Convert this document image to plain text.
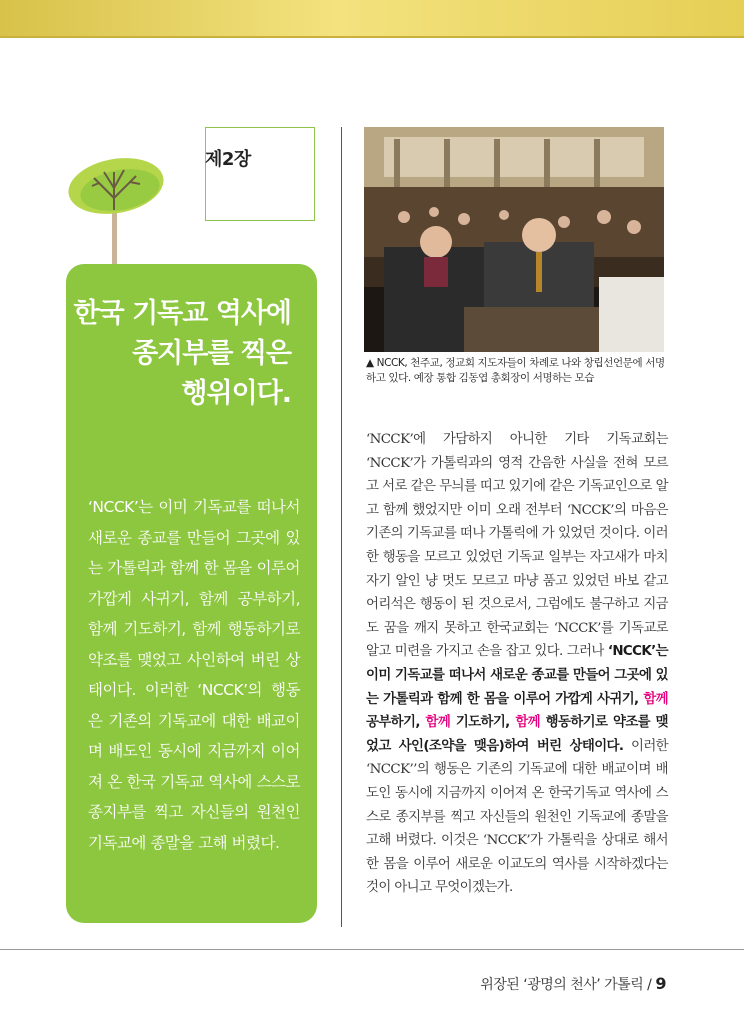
제2장
한국 기독교 역사에
종지부를 찍은
행위이다.
‘NCCK’는 이미 기독교를 떠나서 새로운 종교를 만들어 그곳에 있는 가톨릭과 함께 한 몸을 이루어 가깝게 사귀기, 함께 공부하기, 함께 기도하기, 함께 행동하기로 약조를 맺었고 사인하여 버린 상태이다. 이러한 ‘NCCK’의 행동은 기존의 기독교에 대한 배교이며 배도인 동시에 지금까지 이어져 온 한국 기독교 역사에 스스로 종지부를 찍고 자신들의 원천인 기독교에 종말을 고해 버렸다.
▲ NCCK, 천주교, 정교회 지도자들이 차례로 나와 창립선언문에 서명하고 있다. 예장 통합 김동엽 총회장이 서명하는 모습
‘NCCK’에 가담하지 아니한 기타 기독교회는 ‘NCCK’가 가톨릭과의 영적 간음한 사실을 전혀 모르고 서로 같은 무늬를 띠고 있기에 같은 기독교인으로 알고 함께 했었지만 이미 오래 전부터 ‘NCCK’의 마음은 기존의 기독교를 떠나 가톨릭에 가 있었던 것이다. 이러한 행동을 모르고 있었던 기독교 일부는 자고새가 마치 자기 알인 냥 멋도 모르고 마냥 품고 있었던 바보 같고 어리석은 행동이 된 것으로서, 그럼에도 불구하고 지금도 꿈을 깨지 못하고 한국교회는 ‘NCCK’를 기독교로 알고 미련을 가지고 손을 잡고 있다. 그러나 ‘NCCK’는 이미 기독교를 떠나서 새로운 종교를 만들어 그곳에 있는 가톨릭과 함께 한 몸을 이루어 가깝게 사귀기, 함께 공부하기, 함께 기도하기, 함께 행동하기로 약조를 맺었고 사인(조약을 맺음)하여 버린 상태이다. 이러한 ‘NCCK’’의 행동은 기존의 기독교에 대한 배교이며 배도인 동시에 지금까지 이어져 온 한국기독교 역사에 스스로 종지부를 찍고 자신들의 원천인 기독교에 종말을 고해 버렸다. 이것은 ‘NCCK’가 가톨릭을 상대로 해서 한 몸을 이루어 새로운 이교도의 역사를 시작하겠다는 것이 아니고 무엇이겠는가.
위장된 ‘광명의 천사’ 가톨릭 / 9
